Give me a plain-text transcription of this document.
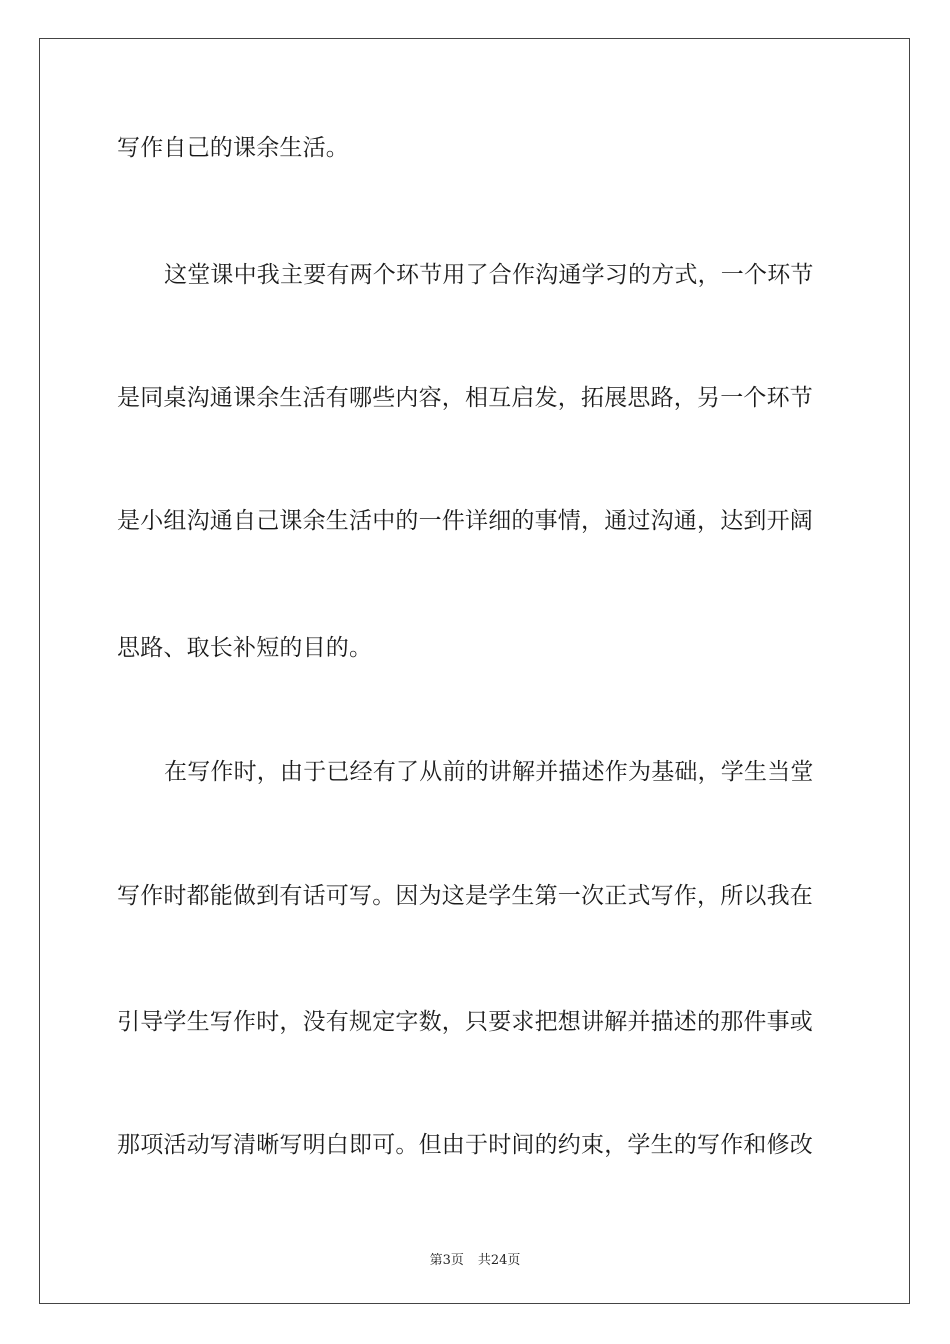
写作自己的课余生活。
这堂课中我主要有两个环节用了合作沟通学习的方式，一个环节
是同桌沟通课余生活有哪些内容，相互启发，拓展思路，另一个环节
是小组沟通自己课余生活中的一件详细的事情，通过沟通，达到开阔
思路、取长补短的目的。
在写作时，由于已经有了从前的讲解并描述作为基础，学生当堂
写作时都能做到有话可写。因为这是学生第一次正式写作，所以我在
引导学生写作时，没有规定字数，只要求把想讲解并描述的那件事或
那项活动写清晰写明白即可。但由于时间的约束，学生的写作和修改
第3页 共24页
